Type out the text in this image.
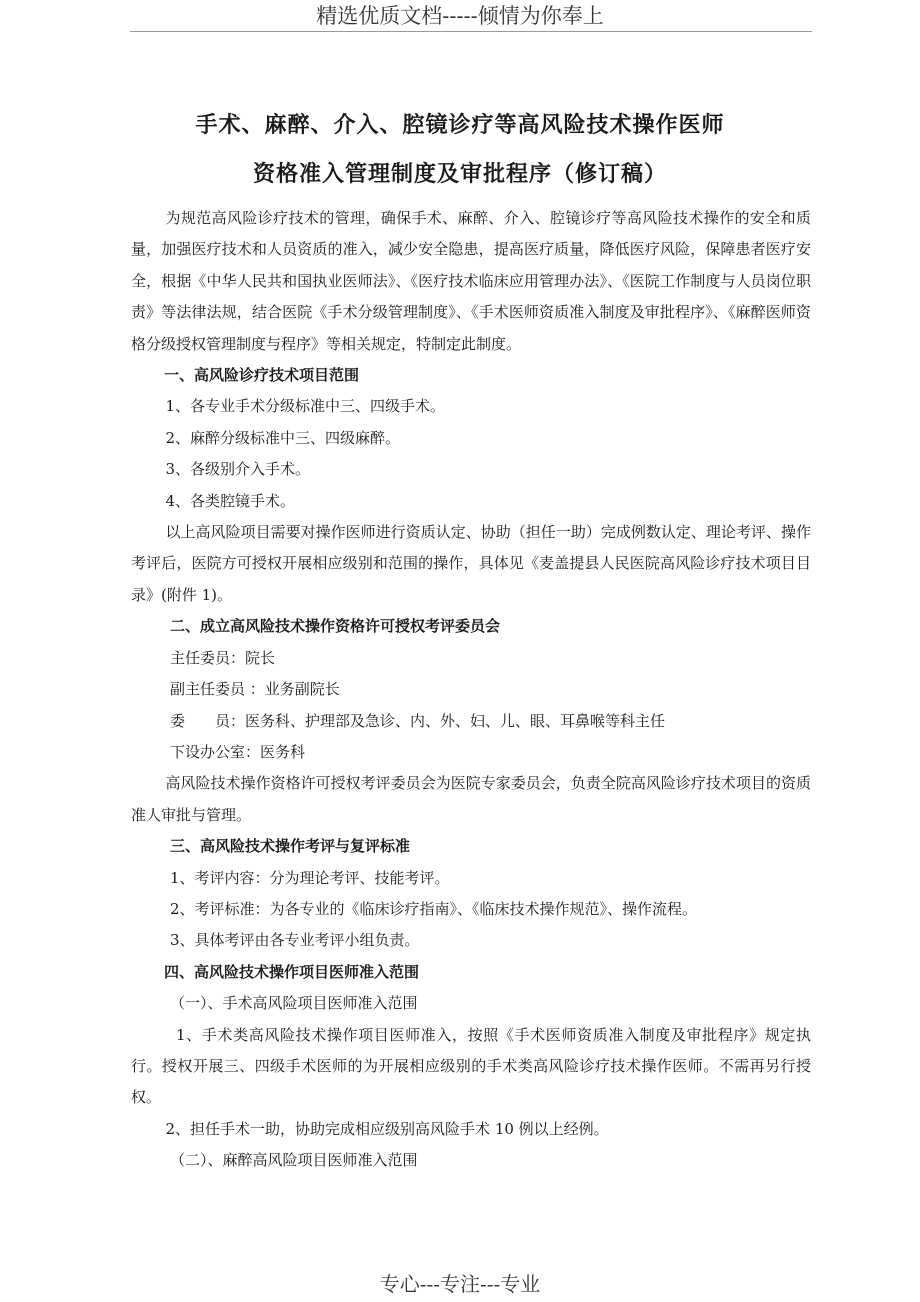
精选优质文档-----倾情为你奉上
手术、麻醉、介入、腔镜诊疗等高风险技术操作医师
资格准入管理制度及审批程序（修订稿）

为规范高风险诊疗技术的管理，确保手术、麻醉、介入、腔镜诊疗等高风险技术操作的安全和质量，加强医疗技术和人员资质的准入，减少安全隐患，提高医疗质量，降低医疗风险，保障患者医疗安全，根据《中华人民共和国执业医师法》、《医疗技术临床应用管理办法》、《医院工作制度与人员岗位职责》等法律法规，结合医院《手术分级管理制度》、《手术医师资质准入制度及审批程序》、《麻醉医师资格分级授权管理制度与程序》等相关规定，特制定此制度。

一、高风险诊疗技术项目范围

1、各专业手术分级标准中三、四级手术。

2、麻醉分级标准中三、四级麻醉。

3、各级别介入手术。

4、各类腔镜手术。

以上高风险项目需要对操作医师进行资质认定、协助（担任一助）完成例数认定、理论考评、操作考评后，医院方可授权开展相应级别和范围的操作，具体见《麦盖提县人民医院高风险诊疗技术项目目录》(附件 1)。

二、成立高风险技术操作资格许可授权考评委员会

主任委员：院长

副主任委员 ：业务副院长

委　　员：医务科、护理部及急诊、内、外、妇、儿、眼、耳鼻喉等科主任

下设办公室：医务科

高风险技术操作资格许可授权考评委员会为医院专家委员会，负责全院高风险诊疗技术项目的资质准人审批与管理。

三、高风险技术操作考评与复评标准

1、考评内容：分为理论考评、技能考评。

2、考评标准：为各专业的《临床诊疗指南》、《临床技术操作规范》、操作流程。

3、具体考评由各专业考评小组负责。

四、高风险技术操作项目医师准入范围

（一）、手术高风险项目医师准入范围

1、手术类高风险技术操作项目医师准入，按照《手术医师资质准入制度及审批程序》规定执行。授权开展三、四级手术医师的为开展相应级别的手术类高风险诊疗技术操作医师。不需再另行授权。

2、担任手术一助，协助完成相应级别高风险手术 10 例以上经例。

（二）、麻醉高风险项目医师准入范围

专心---专注---专业
